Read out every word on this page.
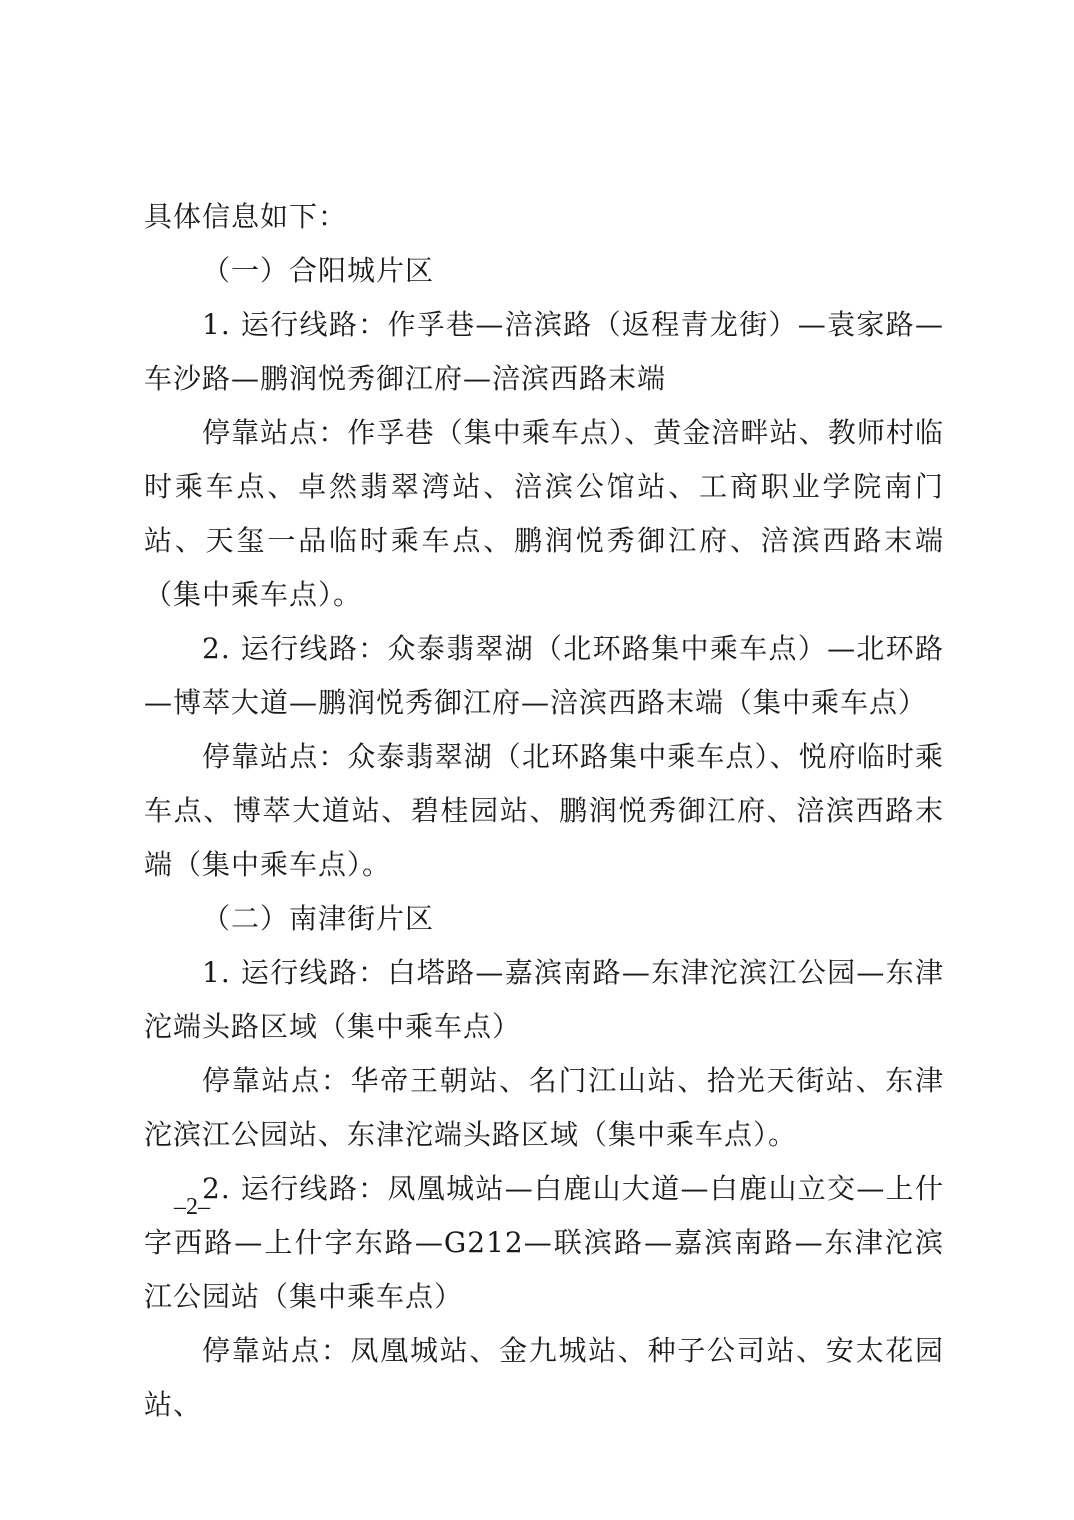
具体信息如下：

（一）合阳城片区

1. 运行线路：作孚巷—涪滨路（返程青龙街）—袁家路—车沙路—鹏润悦秀御江府—涪滨西路末端

停靠站点：作孚巷（集中乘车点）、黄金涪畔站、教师村临时乘车点、卓然翡翠湾站、涪滨公馆站、工商职业学院南门站、天玺一品临时乘车点、鹏润悦秀御江府、涪滨西路末端（集中乘车点）。

2. 运行线路：众泰翡翠湖（北环路集中乘车点）—北环路—博萃大道—鹏润悦秀御江府—涪滨西路末端（集中乘车点）

停靠站点：众泰翡翠湖（北环路集中乘车点）、悦府临时乘车点、博萃大道站、碧桂园站、鹏润悦秀御江府、涪滨西路末端（集中乘车点）。

（二）南津街片区

1. 运行线路：白塔路—嘉滨南路—东津沱滨江公园—东津沱端头路区域（集中乘车点）

停靠站点：华帝王朝站、名门江山站、拾光天街站、东津沱滨江公园站、东津沱端头路区域（集中乘车点）。

2. 运行线路：凤凰城站—白鹿山大道—白鹿山立交—上什字西路—上什字东路—G212—联滨路—嘉滨南路—东津沱滨江公园站（集中乘车点）

停靠站点：凤凰城站、金九城站、种子公司站、安太花园站、

–2–
